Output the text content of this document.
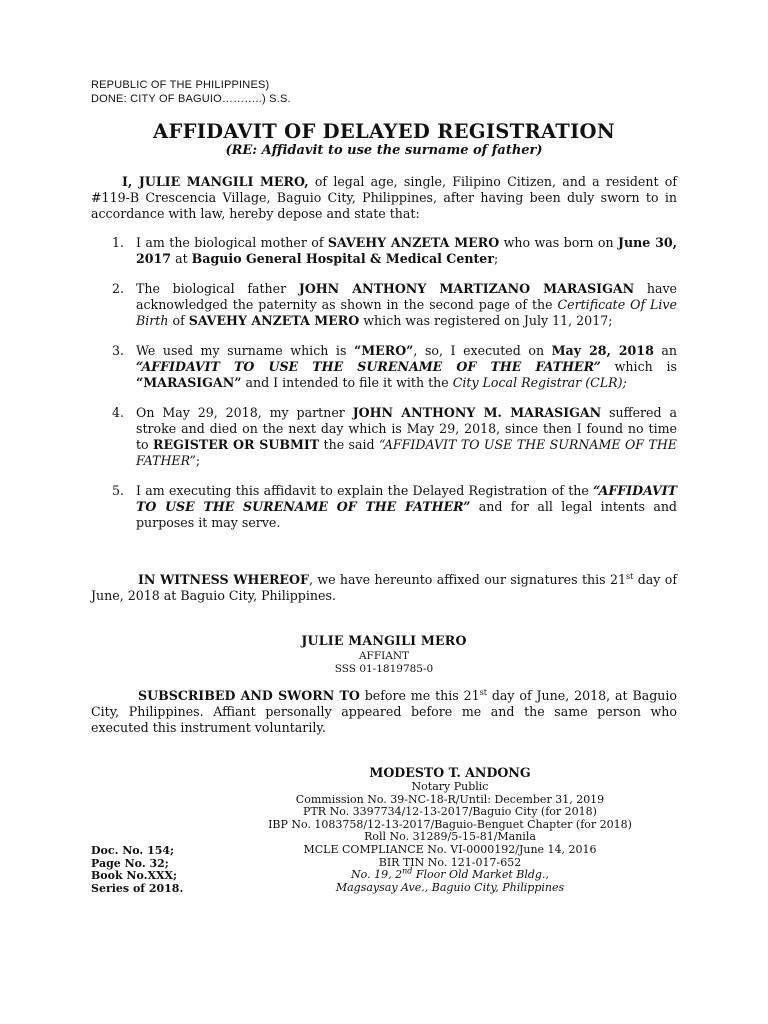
REPUBLIC OF THE PHILIPPINES)
DONE: CITY OF BAGUIO………..) S.S.
AFFIDAVIT OF DELAYED REGISTRATION
(RE: Affidavit to use the surname of father)
I, JULIE MANGILI MERO, of legal age, single, Filipino Citizen, and a resident of #119-B Crescencia Village, Baguio City, Philippines, after having been duly sworn to in accordance with law, hereby depose and state that:
1. I am the biological mother of SAVEHY ANZETA MERO who was born on June 30, 2017 at Baguio General Hospital & Medical Center;
2. The biological father JOHN ANTHONY MARTIZANO MARASIGAN have acknowledged the paternity as shown in the second page of the Certificate Of Live Birth of SAVEHY ANZETA MERO which was registered on July 11, 2017;
3. We used my surname which is “MERO”, so, I executed on May 28, 2018 an “AFFIDAVIT TO USE THE SURENAME OF THE FATHER” which is “MARASIGAN” and I intended to file it with the City Local Registrar (CLR);
4. On May 29, 2018, my partner JOHN ANTHONY M. MARASIGAN suffered a stroke and died on the next day which is May 29, 2018, since then I found no time to REGISTER OR SUBMIT the said “AFFIDAVIT TO USE THE SURNAME OF THE FATHER”;
5. I am executing this affidavit to explain the Delayed Registration of the “AFFIDAVIT TO USE THE SURENAME OF THE FATHER” and for all legal intents and purposes it may serve.
IN WITNESS WHEREOF, we have hereunto affixed our signatures this 21st day of June, 2018 at Baguio City, Philippines.
JULIE MANGILI MERO
AFFIANT
SSS 01-1819785-0
SUBSCRIBED AND SWORN TO before me this 21st day of June, 2018, at Baguio City, Philippines. Affiant personally appeared before me and the same person who executed this instrument voluntarily.
MODESTO T. ANDONG
Notary Public
Commission No. 39-NC-18-R/Until: December 31, 2019
PTR No. 3397734/12-13-2017/Baguio City (for 2018)
IBP No. 1083758/12-13-2017/Baguio-Benguet Chapter (for 2018)
Roll No. 31289/5-15-81/Manila
MCLE COMPLIANCE No. VI-0000192/June 14, 2016
BIR TIN No. 121-017-652
No. 19, 2nd Floor Old Market Bldg.,
Magsaysay Ave., Baguio City, Philippines
Doc. No. 154;
Page No. 32;
Book No.XXX;
Series of 2018.
